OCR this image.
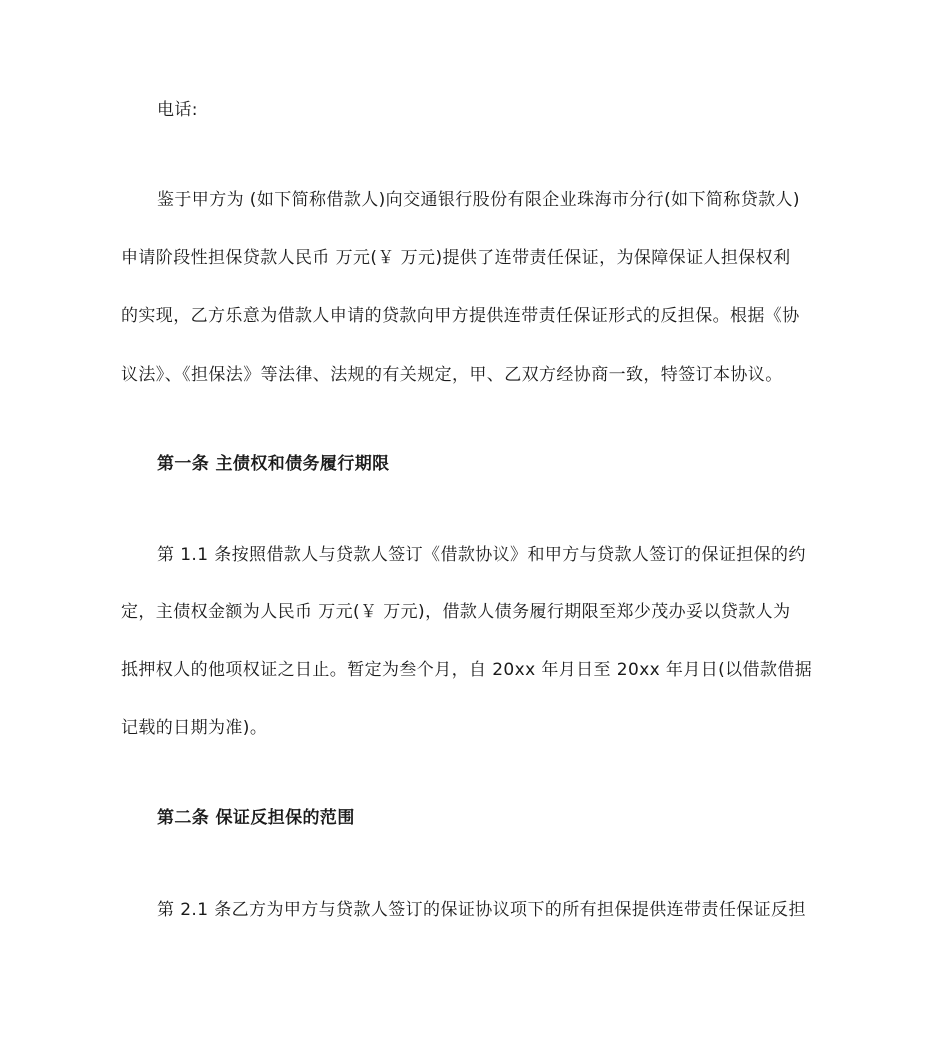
电话:
鉴于甲方为 (如下简称借款人)向交通银行股份有限企业珠海市分行(如下简称贷款人)
申请阶段性担保贷款人民币 万元(￥ 万元)提供了连带责任保证，为保障保证人担保权利
的实现，乙方乐意为借款人申请的贷款向甲方提供连带责任保证形式的反担保。根据《协
议法》、《担保法》等法律、法规的有关规定，甲、乙双方经协商一致，特签订本协议。
第一条 主债权和债务履行期限
第 1.1 条按照借款人与贷款人签订《借款协议》和甲方与贷款人签订的保证担保的约
定，主债权金额为人民币 万元(￥ 万元)，借款人债务履行期限至郑少茂办妥以贷款人为
抵押权人的他项权证之日止。暂定为叁个月，自 20xx 年月日至 20xx 年月日(以借款借据
记载的日期为准)。
第二条 保证反担保的范围
第 2.1 条乙方为甲方与贷款人签订的保证协议项下的所有担保提供连带责任保证反担
